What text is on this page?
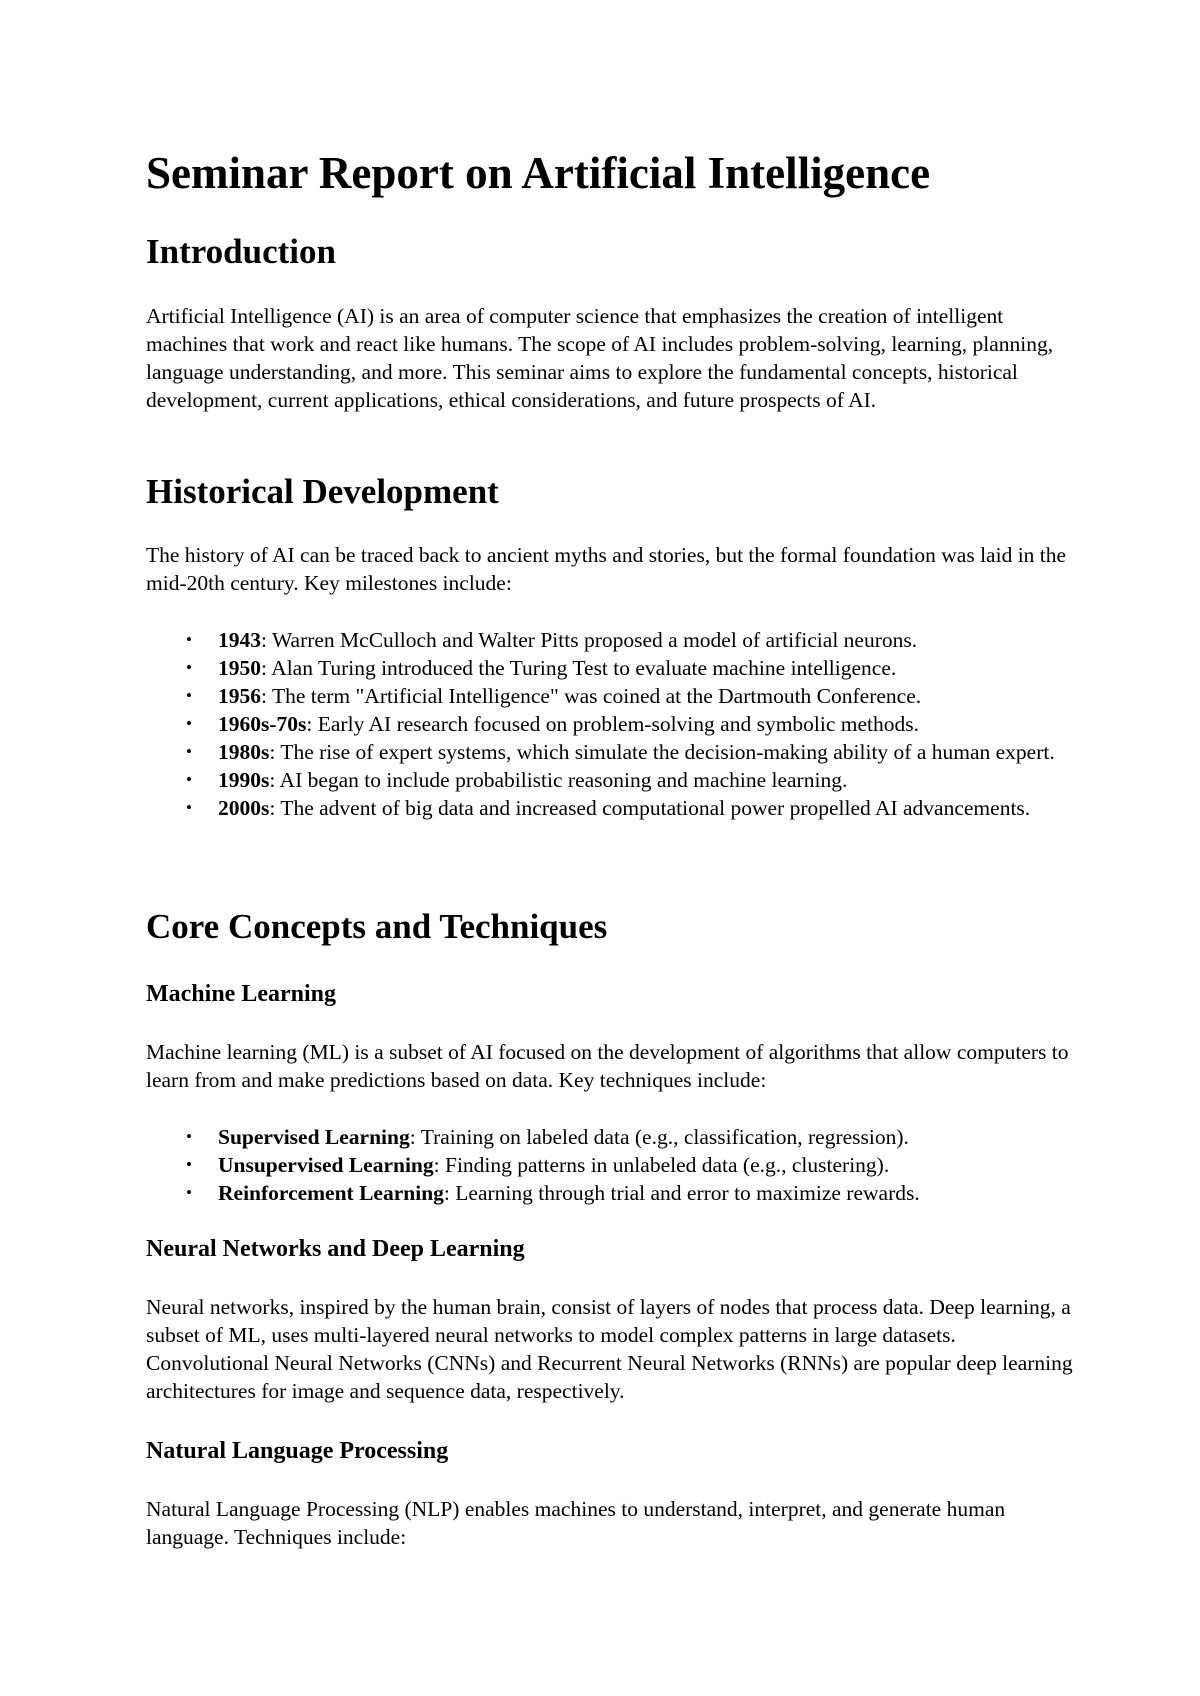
Seminar Report on Artificial Intelligence
Introduction

Artificial Intelligence (AI) is an area of computer science that emphasizes the creation of intelligent machines that work and react like humans. The scope of AI includes problem-solving, learning, planning, language understanding, and more. This seminar aims to explore the fundamental concepts, historical development, current applications, ethical considerations, and future prospects of AI.

Historical Development

The history of AI can be traced back to ancient myths and stories, but the formal foundation was laid in the mid-20th century. Key milestones include:

• 1943: Warren McCulloch and Walter Pitts proposed a model of artificial neurons.
• 1950: Alan Turing introduced the Turing Test to evaluate machine intelligence.
• 1956: The term "Artificial Intelligence" was coined at the Dartmouth Conference.
• 1960s-70s: Early AI research focused on problem-solving and symbolic methods.
• 1980s: The rise of expert systems, which simulate the decision-making ability of a human expert.
• 1990s: AI began to include probabilistic reasoning and machine learning.
• 2000s: The advent of big data and increased computational power propelled AI advancements.
Core Concepts and Techniques
Machine Learning

Machine learning (ML) is a subset of AI focused on the development of algorithms that allow computers to learn from and make predictions based on data. Key techniques include:

• Supervised Learning: Training on labeled data (e.g., classification, regression).
• Unsupervised Learning: Finding patterns in unlabeled data (e.g., clustering).
• Reinforcement Learning: Learning through trial and error to maximize rewards.
Neural Networks and Deep Learning

Neural networks, inspired by the human brain, consist of layers of nodes that process data. Deep learning, a subset of ML, uses multi-layered neural networks to model complex patterns in large datasets. Convolutional Neural Networks (CNNs) and Recurrent Neural Networks (RNNs) are popular deep learning architectures for image and sequence data, respectively.

Natural Language Processing

Natural Language Processing (NLP) enables machines to understand, interpret, and generate human language. Techniques include:
